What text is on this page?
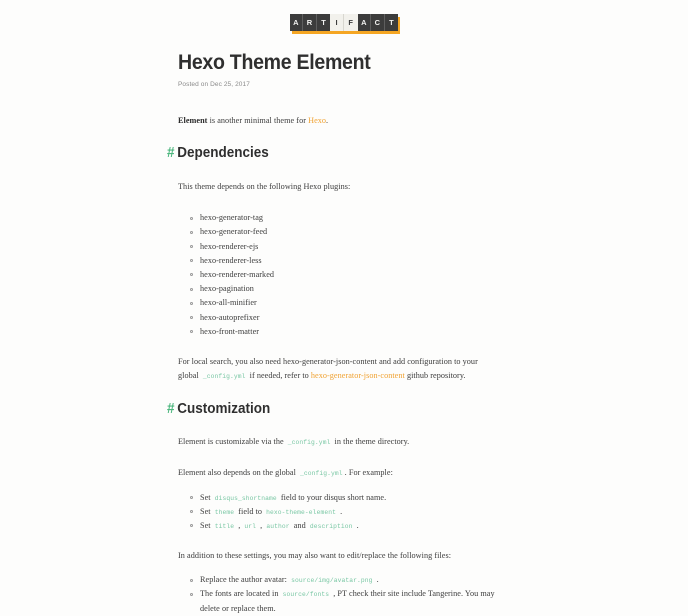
A	R	T	I	F	A	C	T
Hexo Theme Element
Posted on Dec 25, 2017

Element is another minimal theme for Hexo.

# Dependencies

This theme depends on the following Hexo plugins:

hexo-generator-tag
hexo-generator-feed
hexo-renderer-ejs
hexo-renderer-less
hexo-renderer-marked
hexo-pagination
hexo-all-minifier
hexo-autoprefixer
hexo-front-matter

For local search, you also need hexo-generator-json-content and add configuration to your global _config.yml if needed, refer to hexo-generator-json-content github repository.

# Customization

Element is customizable via the _config.yml in the theme directory.

Element also depends on the global _config.yml . For example:

Set disqus_shortname field to your disqus short name.
Set theme field to hexo-theme-element .
Set title , url , author and description .

In addition to these settings, you may also want to edit/replace the following files:

Replace the author avatar: source/img/avatar.png .
The fonts are located in source/fonts , PT check their site include Tangerine. You may delete or replace them.
